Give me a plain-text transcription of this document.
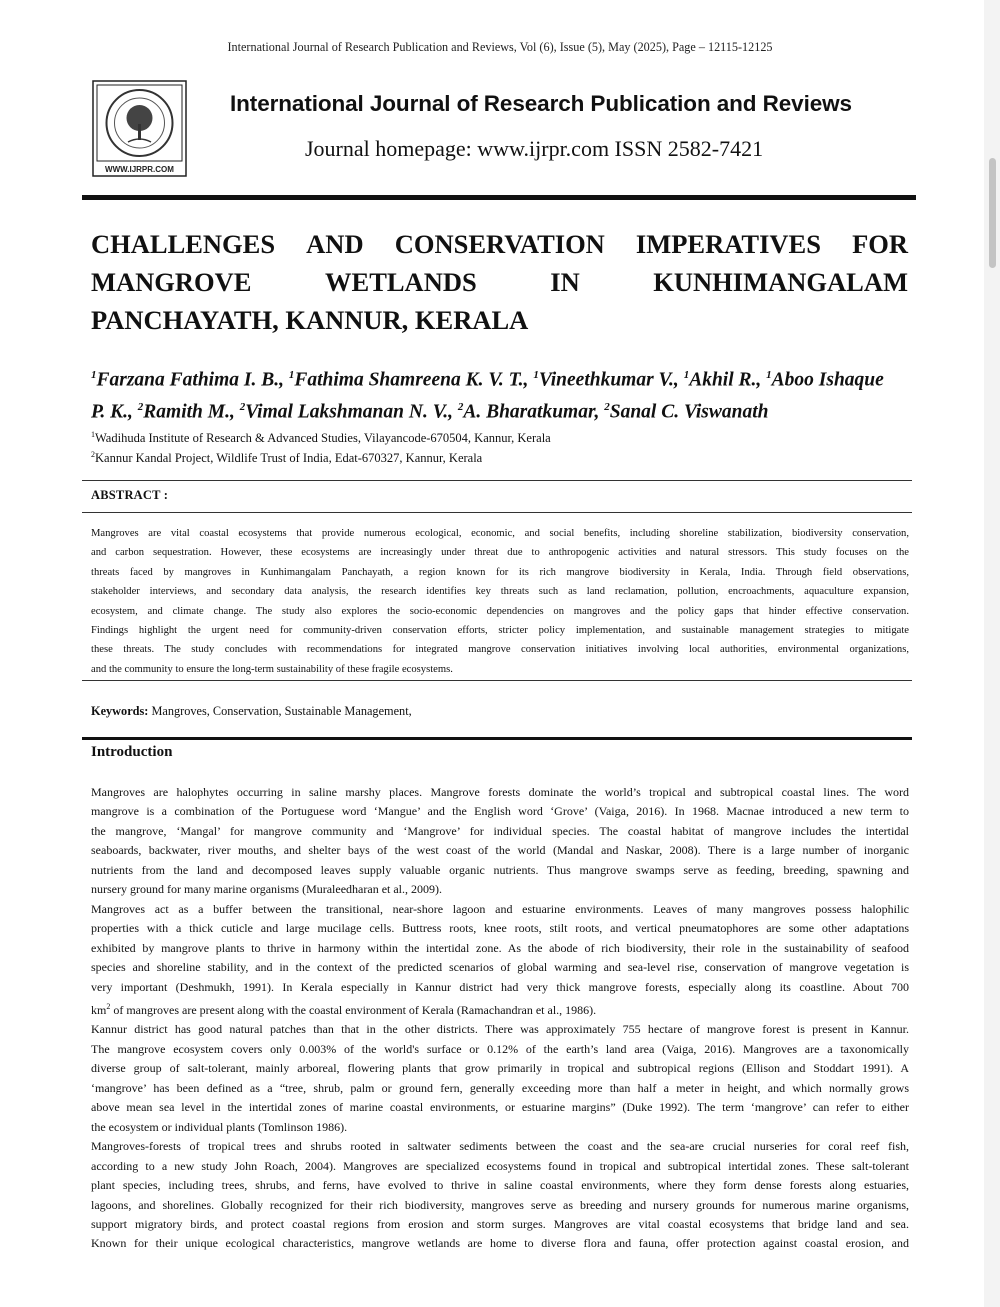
International Journal of Research Publication and Reviews, Vol (6), Issue (5), May (2025), Page – 12115-12125
WWW.IJRPR.COM
International Journal of Research Publication and Reviews
Journal homepage: www.ijrpr.com ISSN 2582-7421
CHALLENGES AND CONSERVATION IMPERATIVES FOR
MANGROVE	WETLANDS	IN	KUNHIMANGALAM
PANCHAYATH, KANNUR, KERALA
$^1$Farzana Fathima I. B., $^1$Fathima Shamreena K. V. T., $^1$Vineethkumar V., $^1$Akhil R., $^1$Aboo Ishaque
P. K., $^2$Ramith M., $^2$Vimal Lakshmanan N. V., $^2$A. Bharatkumar, $^2$Sanal C. Viswanath
$^1$Wadihuda Institute of Research & Advanced Studies, Vilayancode-670504, Kannur, Kerala
$^2$Kannur Kandal Project, Wildlife Trust of India, Edat-670327, Kannur, Kerala
ABSTRACT :
Mangroves are vital coastal ecosystems that provide numerous ecological, economic, and social benefits, including shoreline stabilization, biodiversity conservation,
and carbon sequestration. However, these ecosystems are increasingly under threat due to anthropogenic activities and natural stressors. This study focuses on the
threats faced by mangroves in Kunhimangalam Panchayath, a region known for its rich mangrove biodiversity in Kerala, India. Through field observations,
stakeholder interviews, and secondary data analysis, the research identifies key threats such as land reclamation, pollution, encroachments, aquaculture expansion,
ecosystem, and climate change. The study also explores the socio-economic dependencies on mangroves and the policy gaps that hinder effective conservation.
Findings highlight the urgent need for community-driven conservation efforts, stricter policy implementation, and sustainable management strategies to mitigate
these threats. The study concludes with recommendations for integrated mangrove conservation initiatives involving local authorities, environmental organizations,
and the community to ensure the long-term sustainability of these fragile ecosystems.
Keywords: Mangroves, Conservation, Sustainable Management,
Introduction
Mangroves are halophytes occurring in saline marshy places. Mangrove forests dominate the world’s tropical and subtropical coastal lines. The word
mangrove is a combination of the Portuguese word ‘Mangue’ and the English word ‘Grove’ (Vaiga, 2016). In 1968. Macnae introduced a new term to
the mangrove, ‘Mangal’ for mangrove community and ‘Mangrove’ for individual species. The coastal habitat of mangrove includes the intertidal
seaboards, backwater, river mouths, and shelter bays of the west coast of the world (Mandal and Naskar, 2008). There is a large number of inorganic
nutrients from the land and decomposed leaves supply valuable organic nutrients. Thus mangrove swamps serve as feeding, breeding, spawning and
nursery ground for many marine organisms (Muraleedharan et al., 2009).
Mangroves act as a buffer between the transitional, near-shore lagoon and estuarine environments. Leaves of many mangroves possess halophilic
properties with a thick cuticle and large mucilage cells. Buttress roots, knee roots, stilt roots, and vertical pneumatophores are some other adaptations
exhibited by mangrove plants to thrive in harmony within the intertidal zone. As the abode of rich biodiversity, their role in the sustainability of seafood
species and shoreline stability, and in the context of the predicted scenarios of global warming and sea-level rise, conservation of mangrove vegetation is
very important (Deshmukh, 1991). In Kerala especially in Kannur district had very thick mangrove forests, especially along its coastline. About 700
$km^2$ of mangroves are present along with the coastal environment of Kerala (Ramachandran et al., 1986).
Kannur district has good natural patches than that in the other districts. There was approximately 755 hectare of mangrove forest is present in Kannur.
The mangrove ecosystem covers only 0.003% of the world's surface or 0.12% of the earth’s land area (Vaiga, 2016). Mangroves are a taxonomically
diverse group of salt-tolerant, mainly arboreal, flowering plants that grow primarily in tropical and subtropical regions (Ellison and Stoddart 1991). A
‘mangrove’ has been defined as a “tree, shrub, palm or ground fern, generally exceeding more than half a meter in height, and which normally grows
above mean sea level in the intertidal zones of marine coastal environments, or estuarine margins” (Duke 1992). The term ‘mangrove’ can refer to either
the ecosystem or individual plants (Tomlinson 1986).
Mangroves-forests of tropical trees and shrubs rooted in saltwater sediments between the coast and the sea-are crucial nurseries for coral reef fish,
according to a new study John Roach, 2004). Mangroves are specialized ecosystems found in tropical and subtropical intertidal zones. These salt-tolerant
plant species, including trees, shrubs, and ferns, have evolved to thrive in saline coastal environments, where they form dense forests along estuaries,
lagoons, and shorelines. Globally recognized for their rich biodiversity, mangroves serve as breeding and nursery grounds for numerous marine organisms,
support migratory birds, and protect coastal regions from erosion and storm surges. Mangroves are vital coastal ecosystems that bridge land and sea.
Known for their unique ecological characteristics, mangrove wetlands are home to diverse flora and fauna, offer protection against coastal erosion, and
